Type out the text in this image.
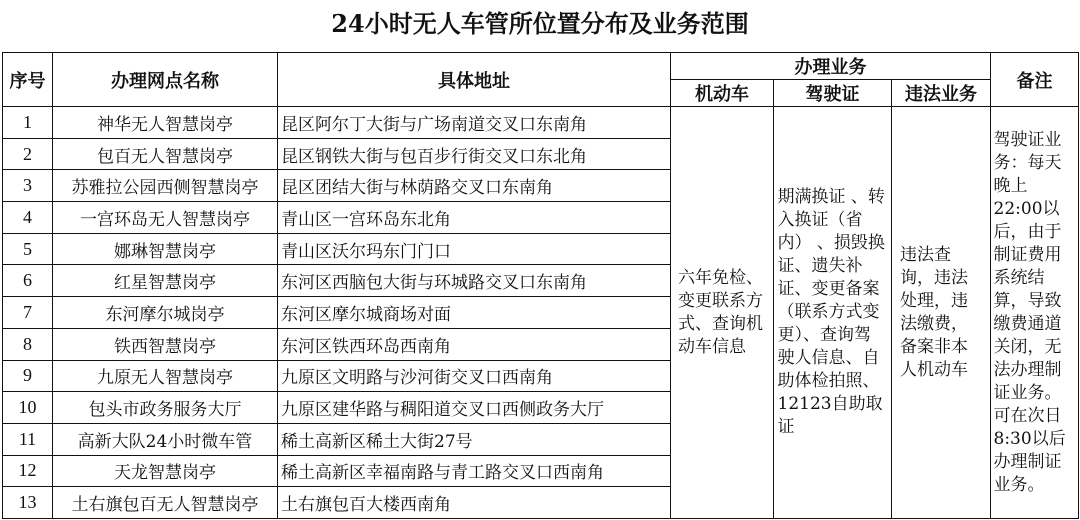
24小时无人车管所位置分布及业务范围
序号	办理网点名称	具体地址	办理业务			备注
			机动车	驾驶证	违法业务	
1	神华无人智慧岗亭	昆区阿尔丁大街与广场南道交叉口东南角	六年免检、变更联系方式、查询机动车信息	期满换证 、转入换证（省内） 、损毁换证、遗失补证、变更备案（联系方式变更）、查询驾驶人信息、自助体检拍照、12123自助取证	违法查询，违法处理，违法缴费，备案非本人机动车	驾驶证业务：每天晚上22:00以后，由于制证费用系统结算，导致缴费通道关闭，无法办理制证业务。可在次日8:30以后办理制证业务。

2	包百无人智慧岗亭	昆区钢铁大街与包百步行街交叉口东北角				
3	苏雅拉公园西侧智慧岗亭	昆区团结大街与林荫路交叉口东南角				
4	一宫环岛无人智慧岗亭	青山区一宫环岛东北角				
5	娜琳智慧岗亭	青山区沃尔玛东门门口				
6	红星智慧岗亭	东河区西脑包大街与环城路交叉口东南角				
7	东河摩尔城岗亭	东河区摩尔城商场对面				
8	铁西智慧岗亭	东河区铁西环岛西南角				
9	九原无人智慧岗亭	九原区文明路与沙河街交叉口西南角				
10	包头市政务服务大厅	九原区建华路与稠阳道交叉口西侧政务大厅				
11	高新大队24小时微车管	稀土高新区稀土大街27号				
12	天龙智慧岗亭	稀土高新区幸福南路与青工路交叉口西南角				
13	土右旗包百无人智慧岗亭	土右旗包百大楼西南角				
